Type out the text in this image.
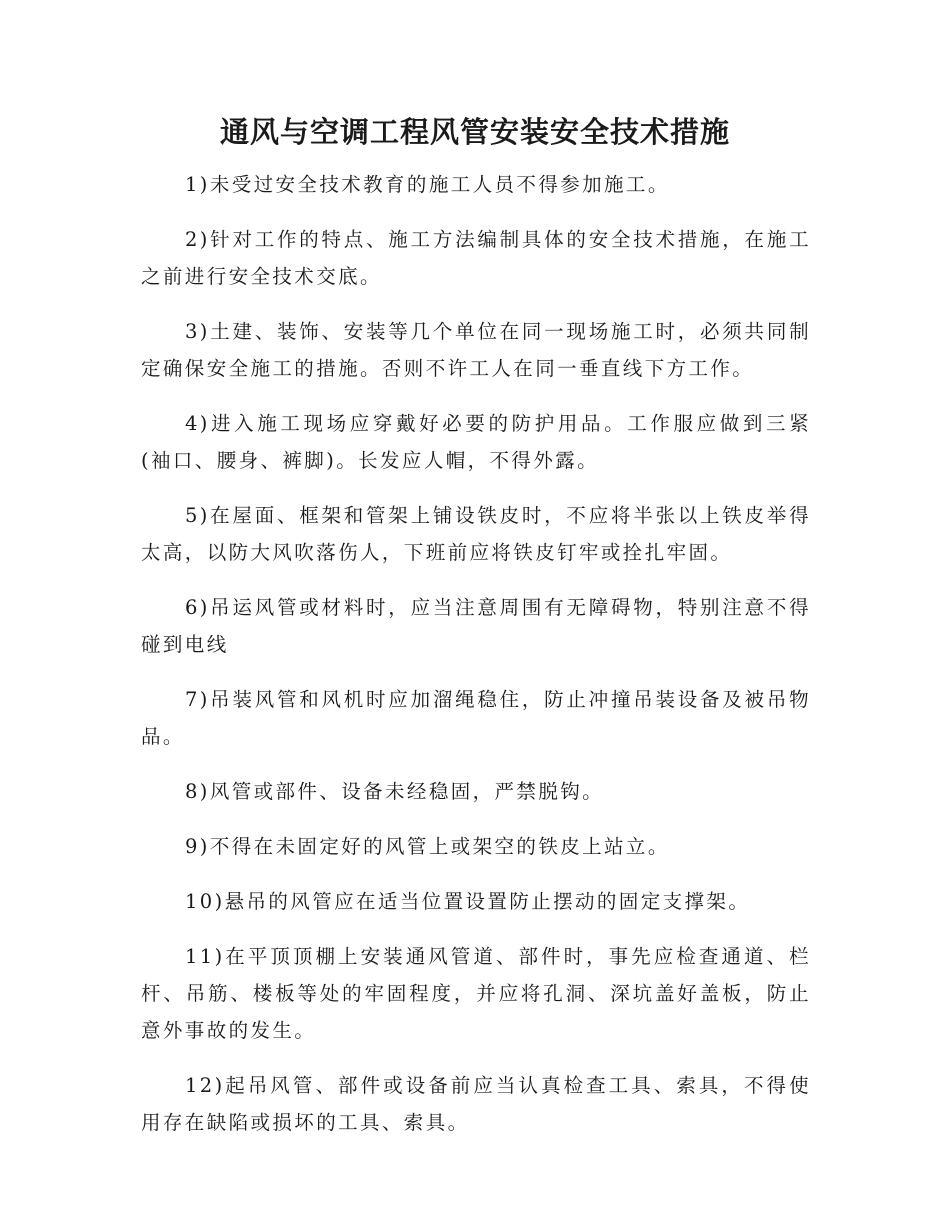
通风与空调工程风管安装安全技术措施

1)未受过安全技术教育的施工人员不得参加施工。

2)针对工作的特点、施工方法编制具体的安全技术措施，在施工之前进行安全技术交底。

3)土建、装饰、安装等几个单位在同一现场施工时，必须共同制定确保安全施工的措施。否则不许工人在同一垂直线下方工作。

4)进入施工现场应穿戴好必要的防护用品。工作服应做到三紧(袖口、腰身、裤脚)。长发应人帽，不得外露。

5)在屋面、框架和管架上铺设铁皮时，不应将半张以上铁皮举得太高，以防大风吹落伤人，下班前应将铁皮钉牢或拴扎牢固。

6)吊运风管或材料时，应当注意周围有无障碍物，特别注意不得碰到电线

7)吊装风管和风机时应加溜绳稳住，防止冲撞吊装设备及被吊物品。

8)风管或部件、设备未经稳固，严禁脱钩。

9)不得在未固定好的风管上或架空的铁皮上站立。

10)悬吊的风管应在适当位置设置防止摆动的固定支撑架。

11)在平顶顶棚上安装通风管道、部件时，事先应检查通道、栏杆、吊筋、楼板等处的牢固程度，并应将孔洞、深坑盖好盖板，防止意外事故的发生。

12)起吊风管、部件或设备前应当认真检查工具、索具，不得使用存在缺陷或损坏的工具、索具。
